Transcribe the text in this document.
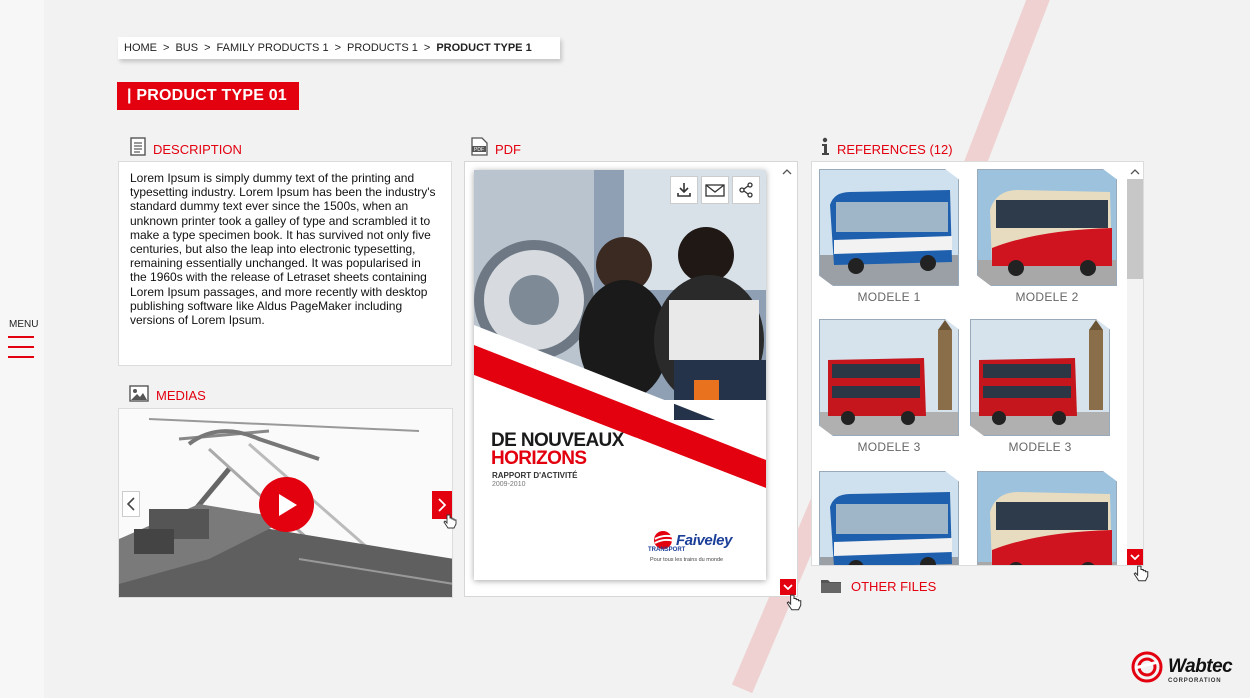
HOME > BUS > FAMILY PRODUCTS 1 > PRODUCTS 1 > PRODUCT TYPE 1
| PRODUCT TYPE 01
MENU
DESCRIPTION

Lorem Ipsum is simply dummy text of the printing and typesetting industry. Lorem Ipsum has been the industry's standard dummy text ever since the 1500s, when an unknown printer took a galley of type and scrambled it to make a type specimen book. It has survived not only five centuries, but also the leap into electronic typesetting, remaining essentially unchanged. It was popularised in the 1960s with the release of Letraset sheets containing Lorem Ipsum passages, and more recently with desktop publishing software like Aldus PageMaker including versions of Lorem Ipsum.

MEDIAS
PDF PDF
DE NOUVEAUX
HORIZONS
RAPPORT D'ACTIVITÉ
2009-2010
Faiveley
TRANSPORT
Pour tous les trains du monde
REFERENCES (12)
MODELE 1	MODELE 2
MODELE 3	MODELE 3
OTHER FILES
Wabtec
CORPORATION
